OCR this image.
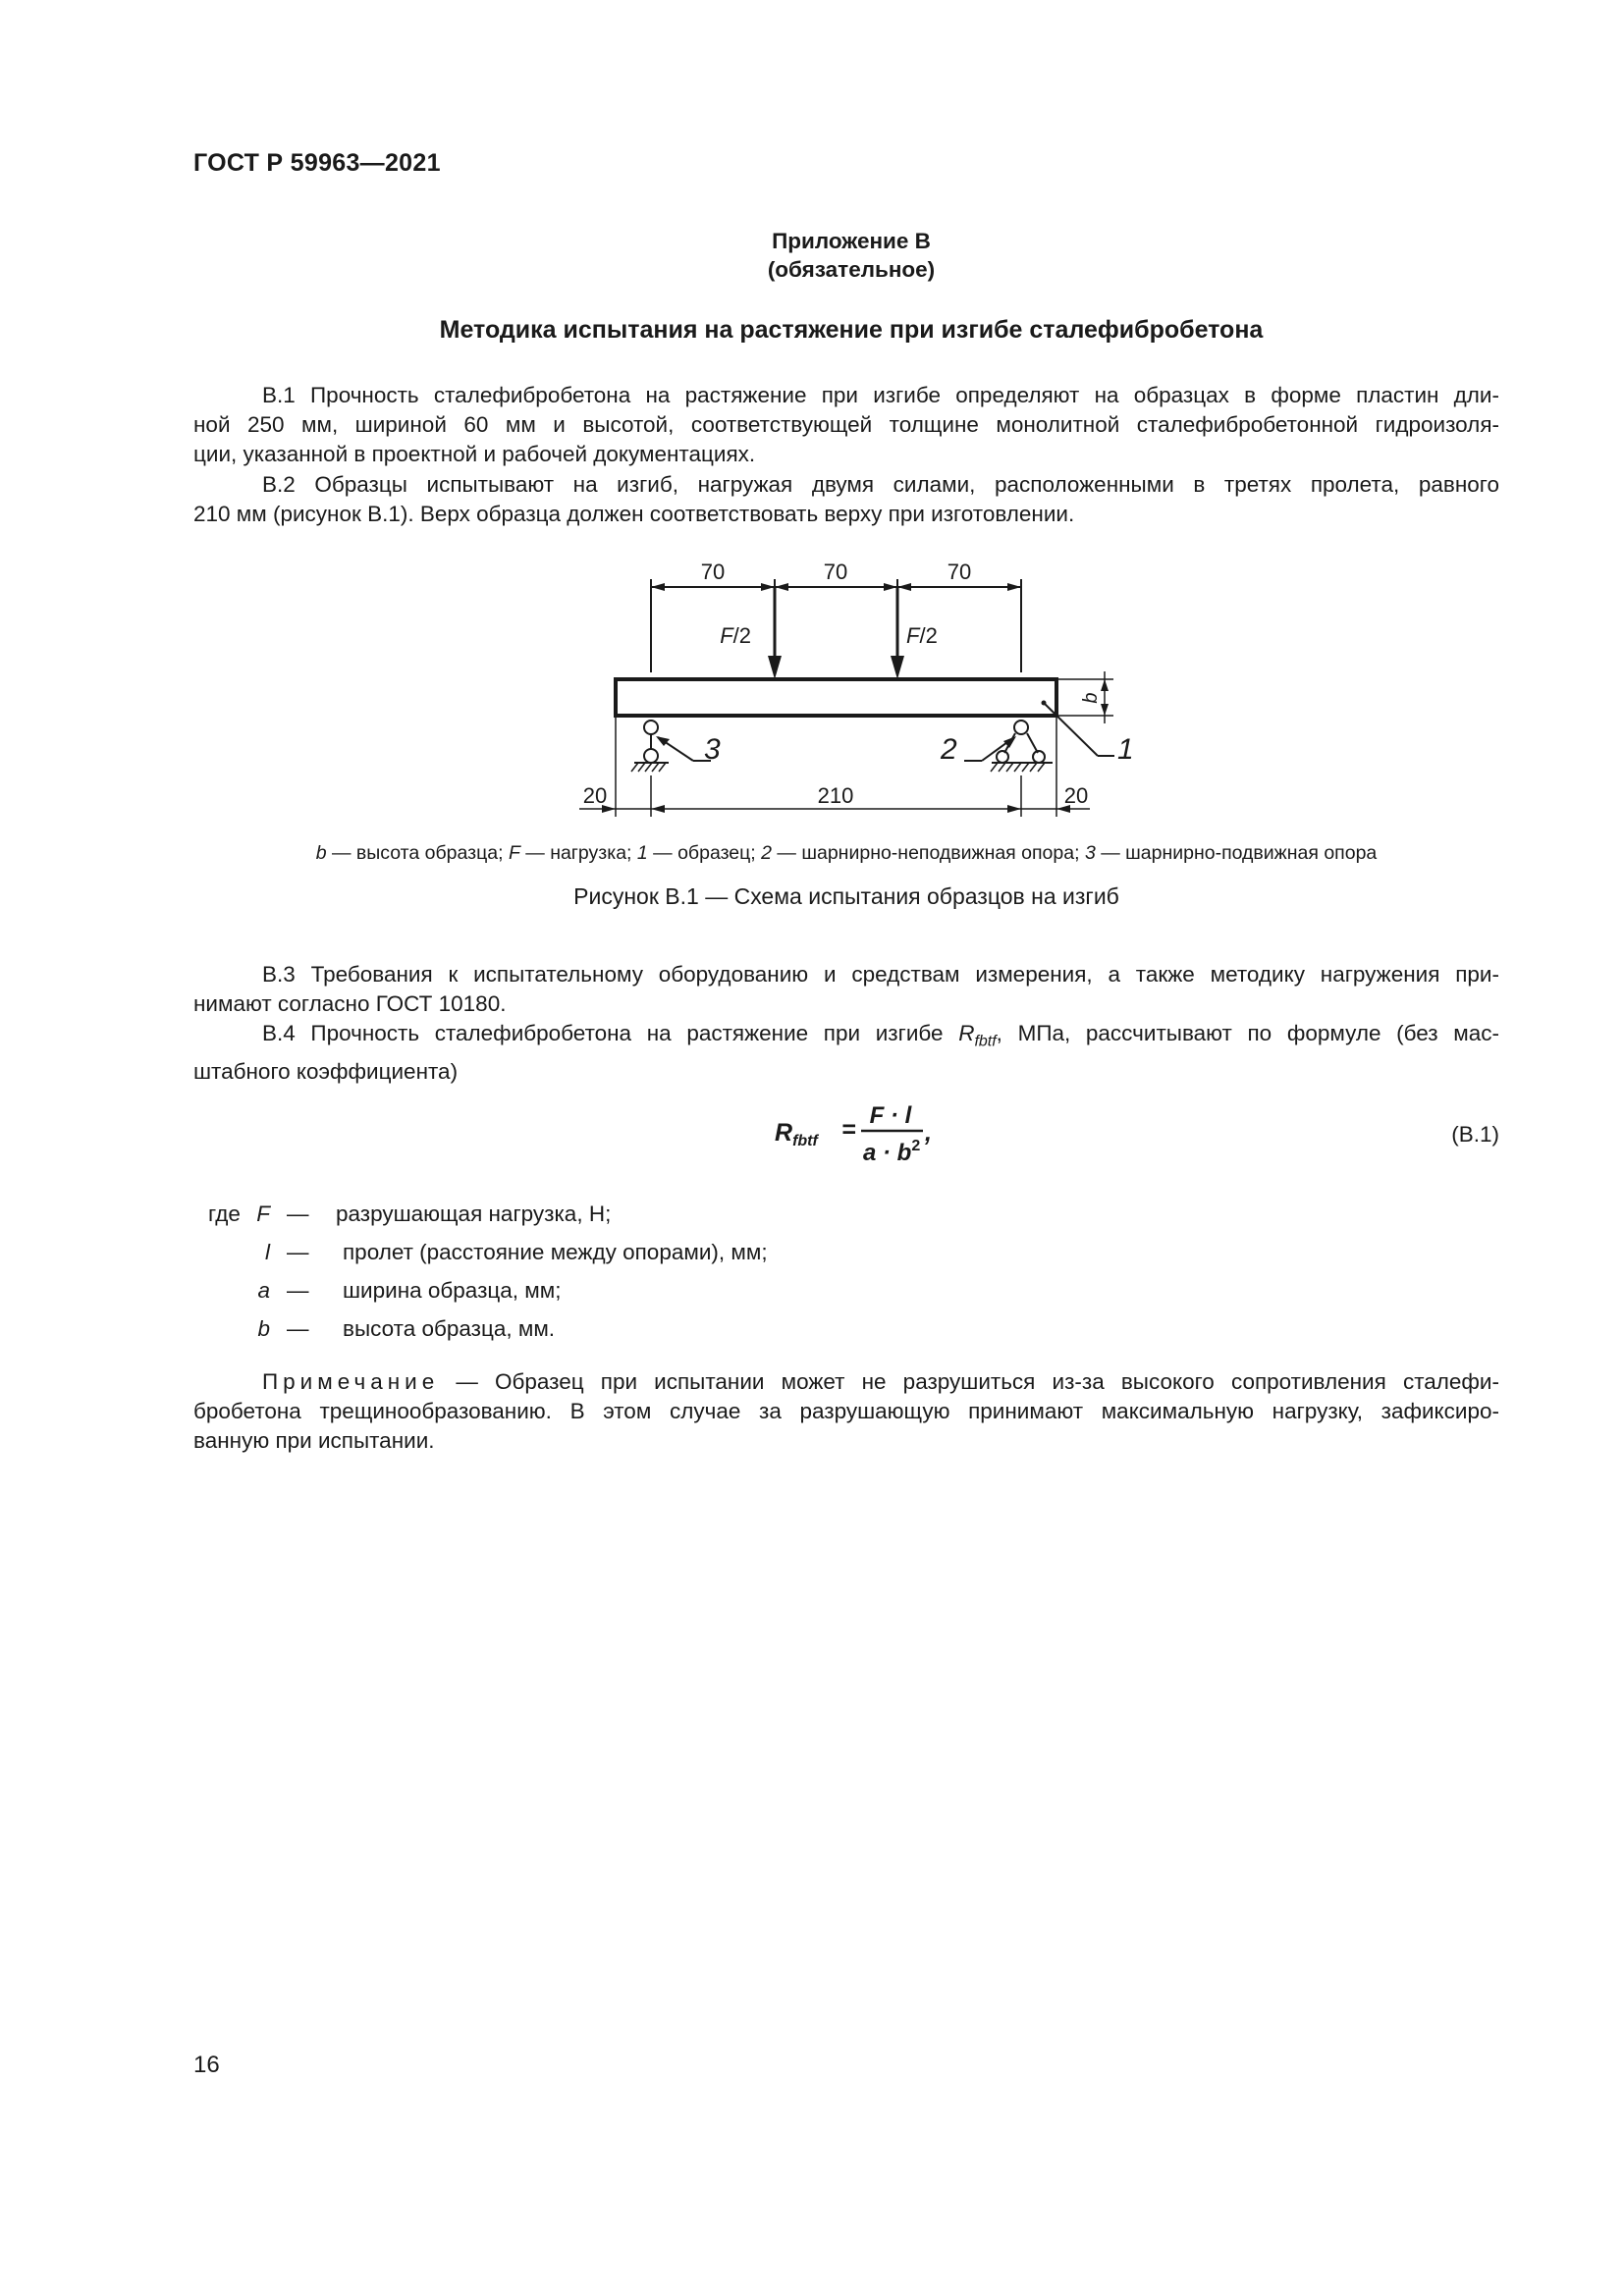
ГОСТ Р 59963—2021
Приложение В
(обязательное)
Методика испытания на растяжение при изгибе сталефибробетона

В.1 Прочность сталефибробетона на растяжение при изгибе определяют на образцах в форме пластин дли-

ной 250 мм, шириной 60 мм и высотой, соответствующей толщине монолитной сталефибробетонной гидроизоля-

ции, указанной в проектной и рабочей документациях.

В.2 Образцы испытывают на изгиб, нагружая двумя силами, расположенными в третях пролета, равного

210 мм (рисунок В.1). Верх образца должен соответствовать верху при изготовлении.

70	70	70
F/2	F/2
b
1
2
3
20	210	20
b — высота образца; F — нагрузка; 1 — образец; 2 — шарнирно-неподвижная опора; 3 — шарнирно-подвижная опора
Рисунок В.1 — Схема испытания образцов на изгиб

В.3 Требования к испытательному оборудованию и средствам измерения, а также методику нагружения при-

нимают согласно ГОСТ 10180.

В.4 Прочность сталефибробетона на растяжение при изгибе $R_{fbtf}$, МПа, рассчитывают по формуле (без мас-

штабного коэффициента)

$R_{fbtf}$ =
F · l
$a \cdot b^2$ ,	(В.1)
где F — разрушающая нагрузка, Н;
l — пролет (расстояние между опорами), мм;
a — ширина образца, мм;
b — высота образца, мм.

Примечание — Образец при испытании может не разрушиться из-за высокого сопротивления сталефи-

бробетона трещинообразованию. В этом случае за разрушающую принимают максимальную нагрузку, зафиксиро-

ванную при испытании.

16
